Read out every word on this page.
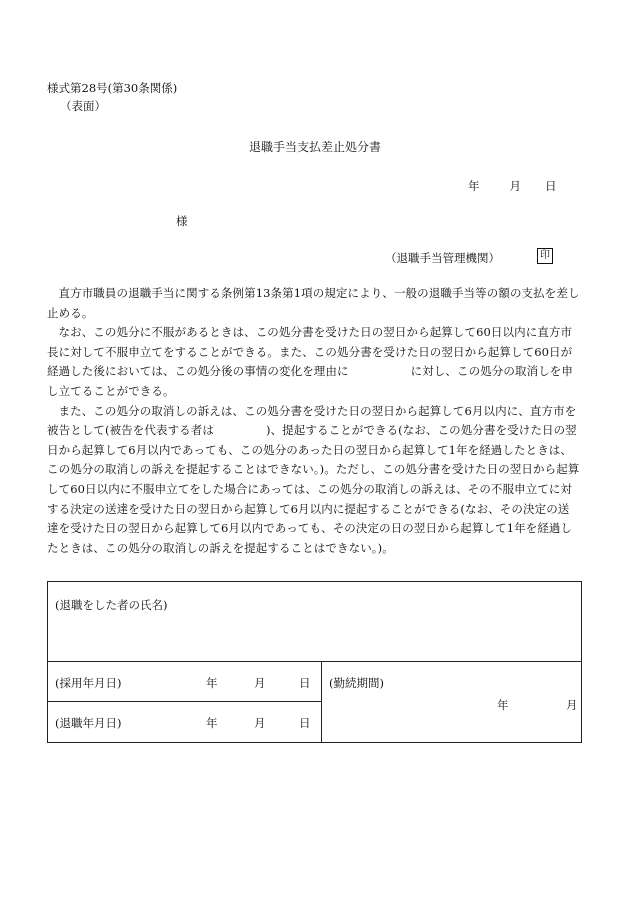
様式第28号(第30条関係)
（表面）
退職手当支払差止処分書
年	月 日
様
（退職手当管理機関）	印

直方市職員の退職手当に関する条例第13条第1項の規定により、一般の退職手当等の額の支払を差し止める。

なお、この処分に不服があるときは、この処分書を受けた日の翌日から起算して60日以内に直方市長に対して不服申立てをすることができる。また、この処分書を受けた日の翌日から起算して60日が経過した後においては、この処分後の事情の変化を理由に	に対し、この処分の取消しを申し立てることができる。

また、この処分の取消しの訴えは、この処分書を受けた日の翌日から起算して6月以内に、直方市を被告として(被告を代表する者は	)、提起することができる(なお、この処分書を受けた日の翌日から起算して6月以内であっても、この処分のあった日の翌日から起算して1年を経過したときは、この処分の取消しの訴えを提起することはできない。)。ただし、この処分書を受けた日の翌日から起算して60日以内に不服申立てをした場合にあっては、この処分の取消しの訴えは、その不服申立てに対する決定の送達を受けた日の翌日から起算して6月以内に提起することができる(なお、その決定の送達を受けた日の翌日から起算して6月以内であっても、その決定の日の翌日から起算して1年を経過したときは、この処分の取消しの訴えを提起することはできない。)。

(退職をした者の氏名)
(採用年月日)	年	月	日
(退職年月日)	年	月	日
(勤続期間)
年	月
